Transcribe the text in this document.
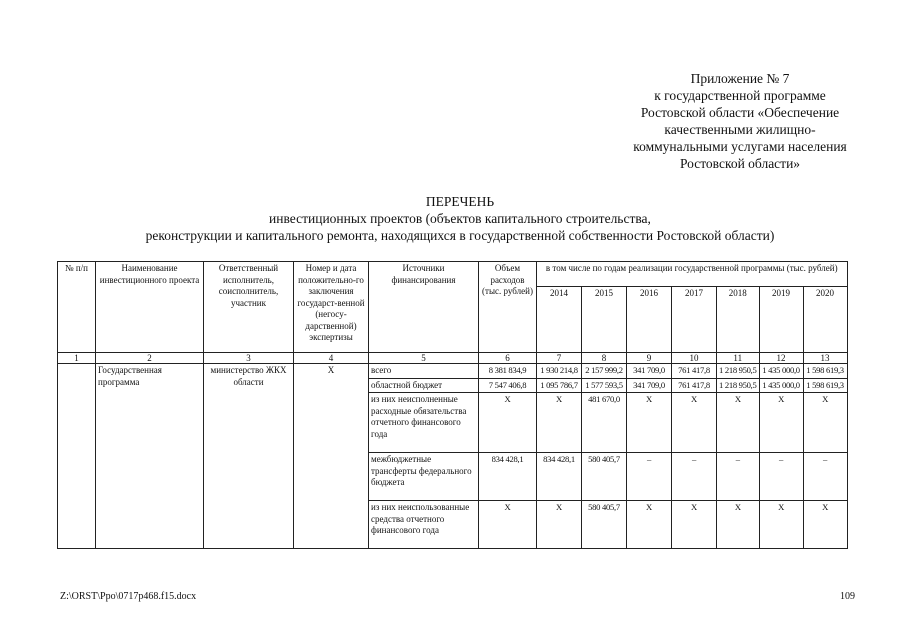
Приложение № 7
к государственной программе
Ростовской области «Обеспечение
качественными жилищно-
коммунальными услугами населения
Ростовской области»
ПЕРЕЧЕНЬ
инвестиционных проектов (объектов капитального строительства,
реконструкции и капитального ремонта, находящихся в государственной собственности Ростовской области)
№ п/п	Наименование инвестиционного проекта	Ответственный исполнитель, соисполнитель, участник	Номер и дата положительно-го заключения государст-венной (негосу-дарственной) экспертизы	Источники финансирования	Объем расходов (тыс. рублей)	в том числе по годам реализации государственной программы (тыс. рублей)						
						2014	2015	2016	2017	2018	2019	2020
1	2	3	4	5	6	7	8	9	10	11	12	13
	Государственная программа	министерство ЖКХ области	Х	всего	8 381 834,9	1 930 214,8	2 157 999,2	341 709,0	761 417,8	1 218 950,5	1 435 000,0	1 598 619,3
				областной бюджет	7 547 406,8	1 095 786,7	1 577 593,5	341 709,0	761 417,8	1 218 950,5	1 435 000,0	1 598 619,3
				из них неисполненные расходные обязательства отчетного финансового года	Х	Х	481 670,0	Х	Х	Х	Х	Х
				межбюджетные трансферты федерального бюджета	834 428,1	834 428,1	580 405,7	–	–	–	–	–
				из них неиспользованные средства отчетного финансового года	Х	Х	580 405,7	Х	Х	Х	Х	Х
Z:\ORST\Ppo\0717p468.f15.docx	109
